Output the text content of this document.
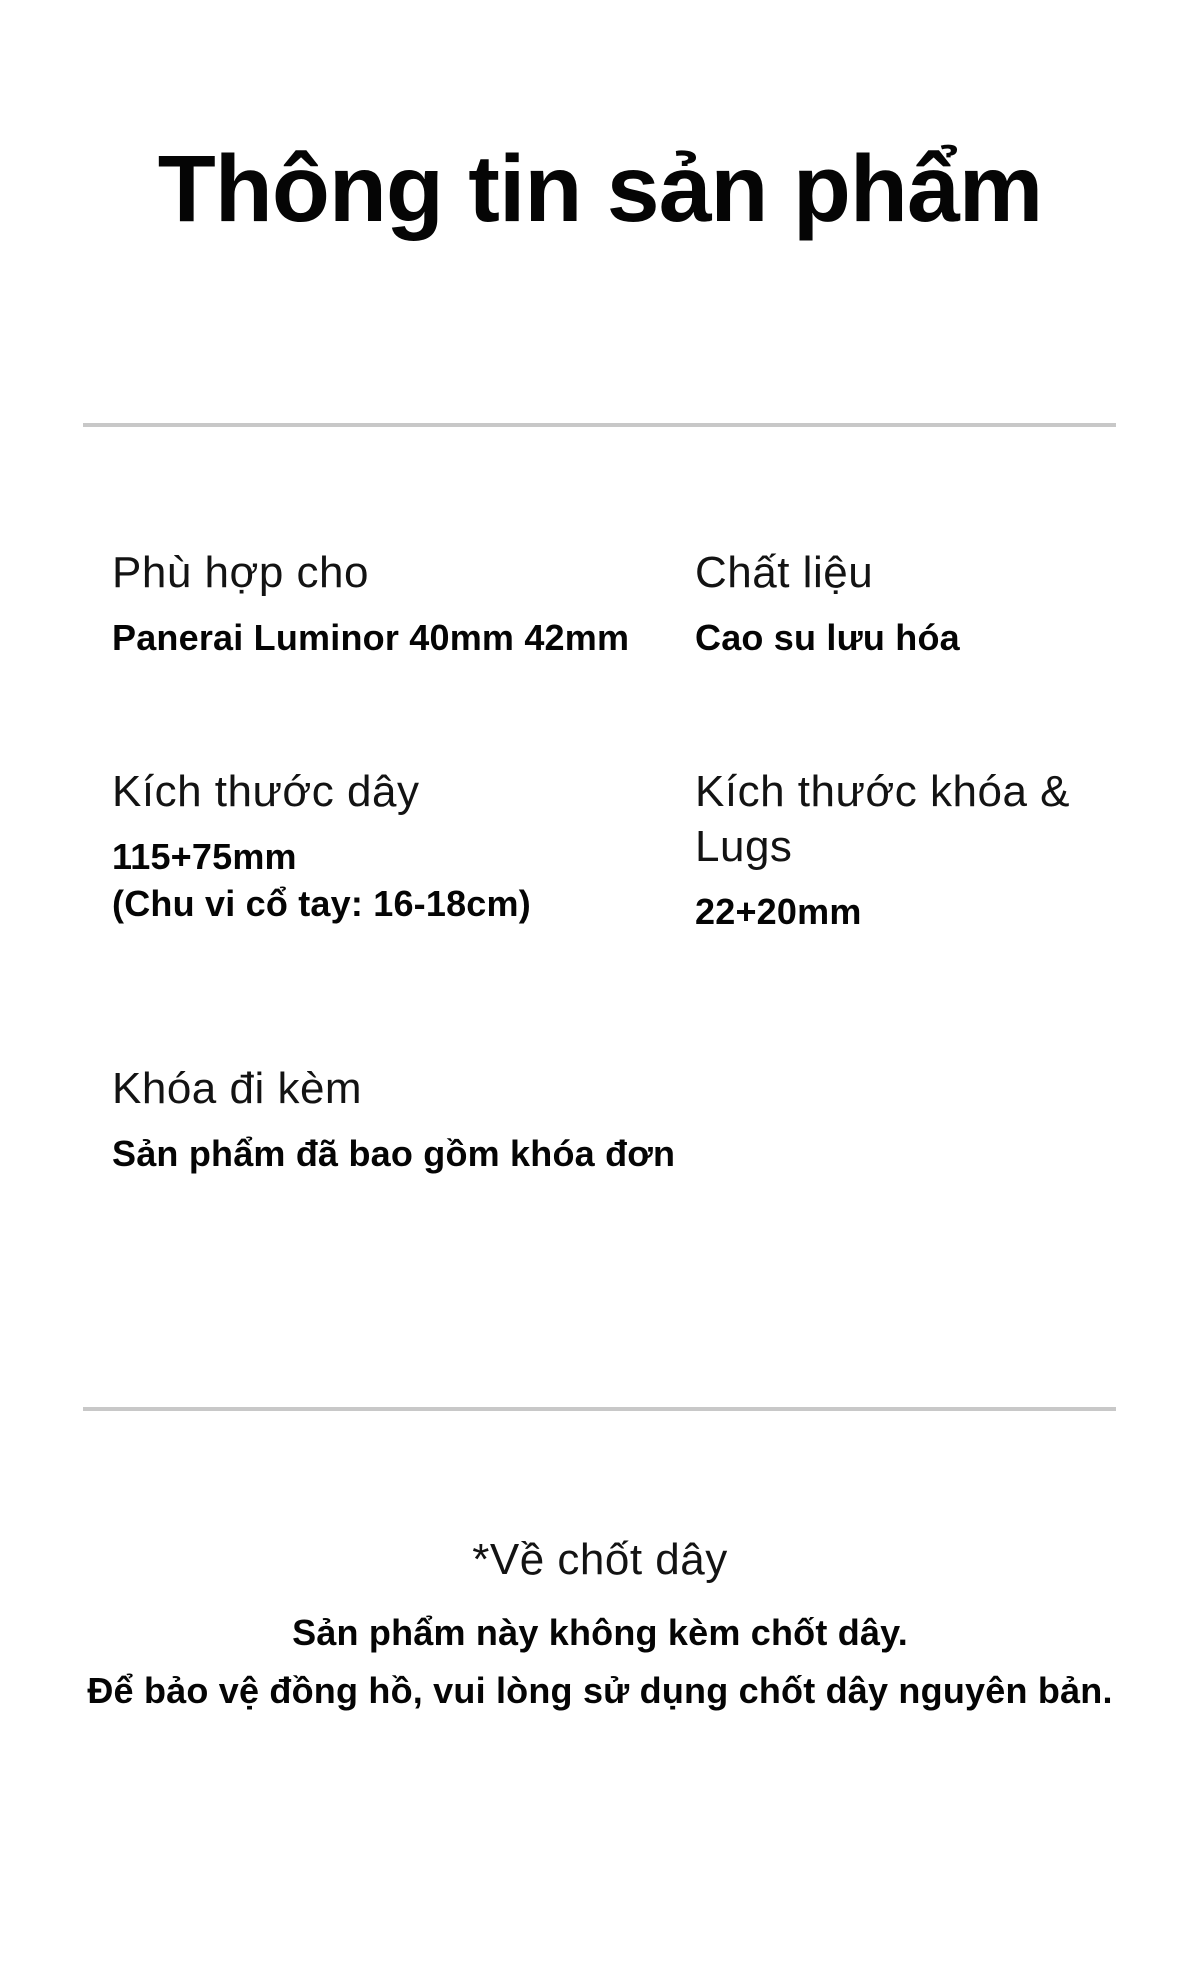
Thông tin sản phẩm
Phù hợp cho
Panerai Luminor 40mm 42mm
Chất liệu
Cao su lưu hóa
Kích thước dây
115+75mm
(Chu vi cổ tay: 16-18cm)
Kích thước khóa & Lugs
22+20mm
Khóa đi kèm
Sản phẩm đã bao gồm khóa đơn
*Về chốt dây
Sản phẩm này không kèm chốt dây.
Để bảo vệ đồng hồ, vui lòng sử dụng chốt dây nguyên bản.
